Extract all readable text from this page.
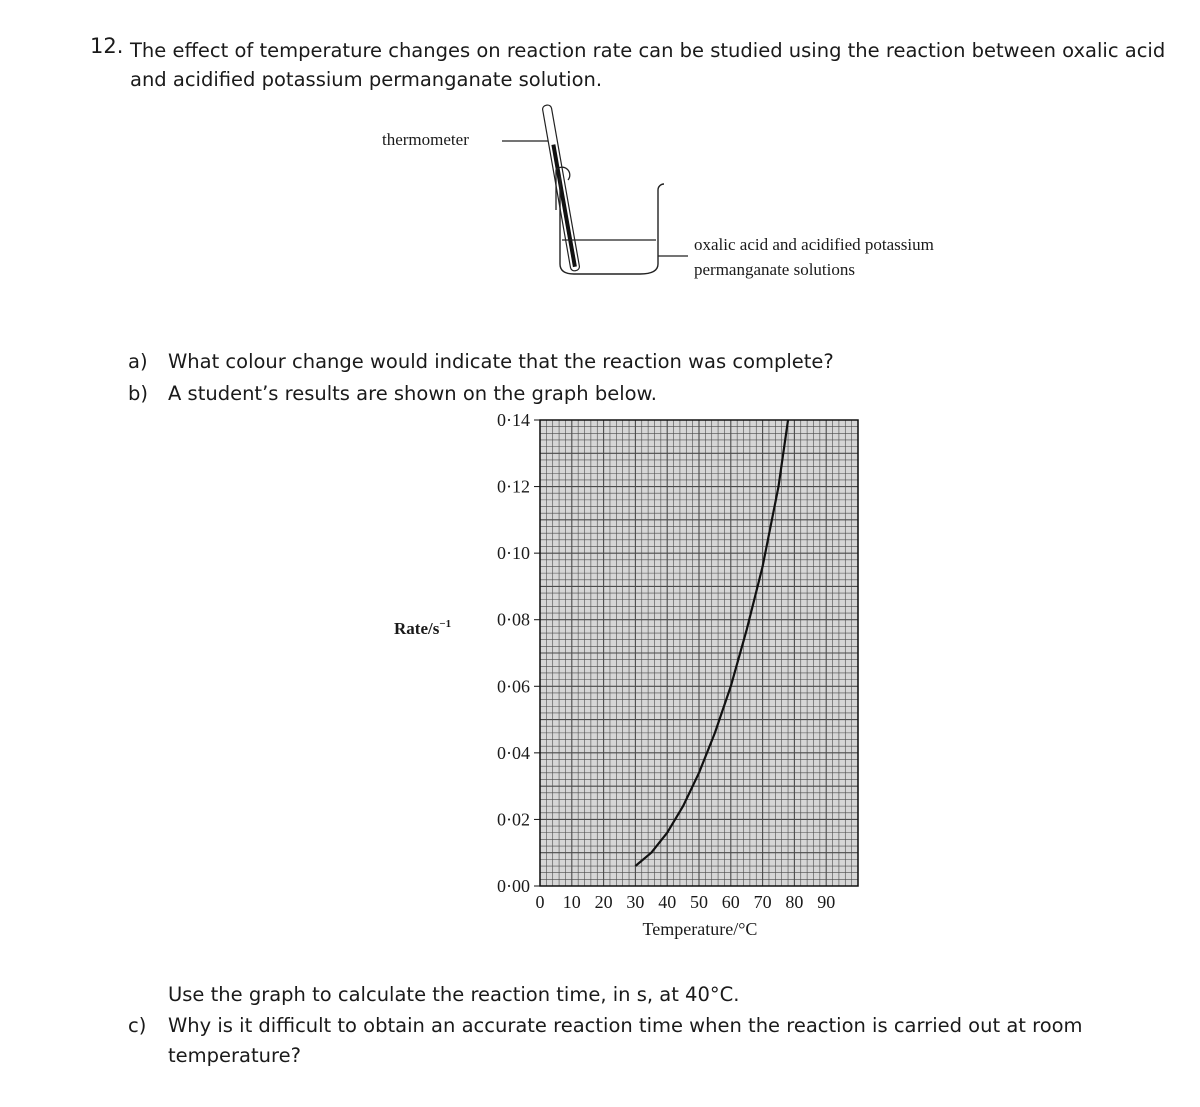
12. The effect of temperature changes on reaction rate can be studied using the reaction between oxalic acid and acidified potassium permanganate solution.
thermometer
oxalic acid and acidified potassium
permanganate solutions
a) What colour change would indicate that the reaction was complete?
b) A student’s results are shown on the graph below.
0·00
0·02
0·04
0·06
0·08
0·10
0·12
0·14
0 10 20 30 40 50 60 70 80 90
Temperature/°C
Rate/$s^{-1}$
Use the graph to calculate the reaction time, in s, at 40°C.
c) Why is it difficult to obtain an accurate reaction time when the reaction is carried out at room
temperature?
